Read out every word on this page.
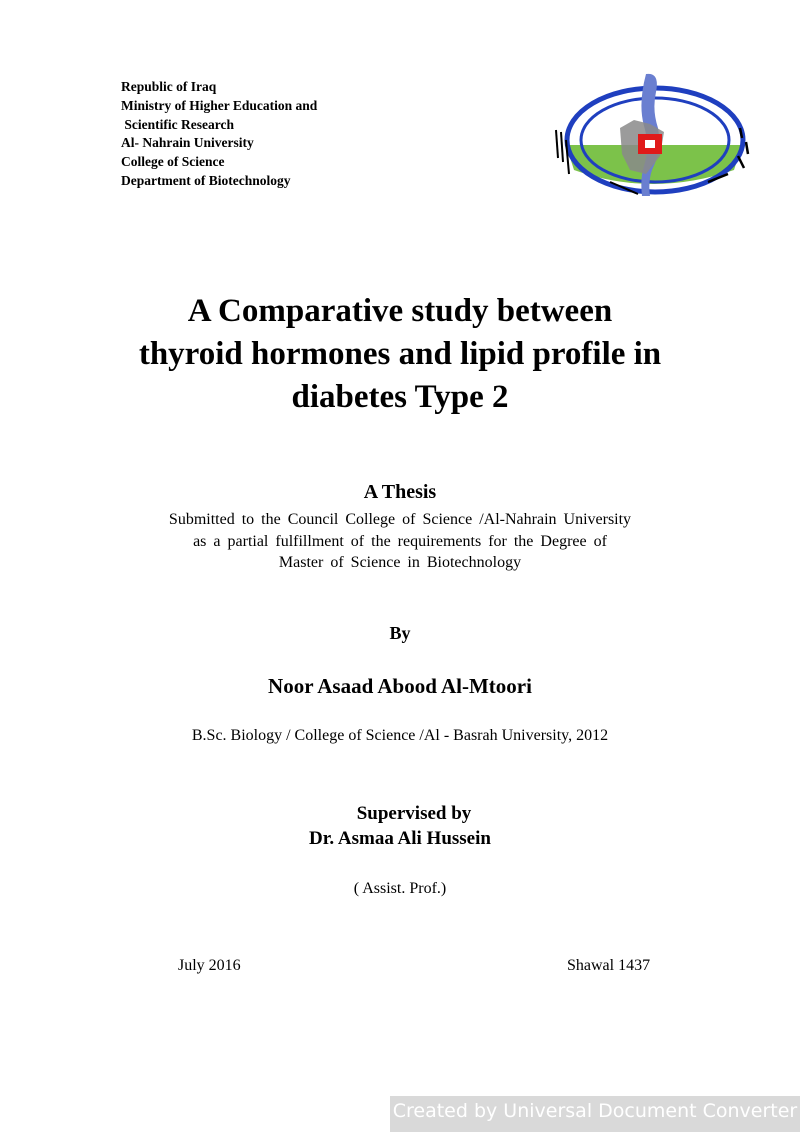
Republic of Iraq
Ministry of Higher Education and
Scientific Research
Al- Nahrain University
College of Science
Department of Biotechnology
A Comparative study between
thyroid hormones and lipid profile in
diabetes Type 2
A Thesis
Submitted to the Council College of Science /Al-Nahrain University
as a partial fulfillment of the requirements for the Degree of
Master of Science in Biotechnology
By
Noor Asaad Abood Al-Mtoori
B.Sc. Biology / College of Science /Al - Basrah University, 2012
Supervised by
Dr. Asmaa Ali Hussein
( Assist. Prof.)
July 2016	Shawal 1437
Created by Universal Document Converter
